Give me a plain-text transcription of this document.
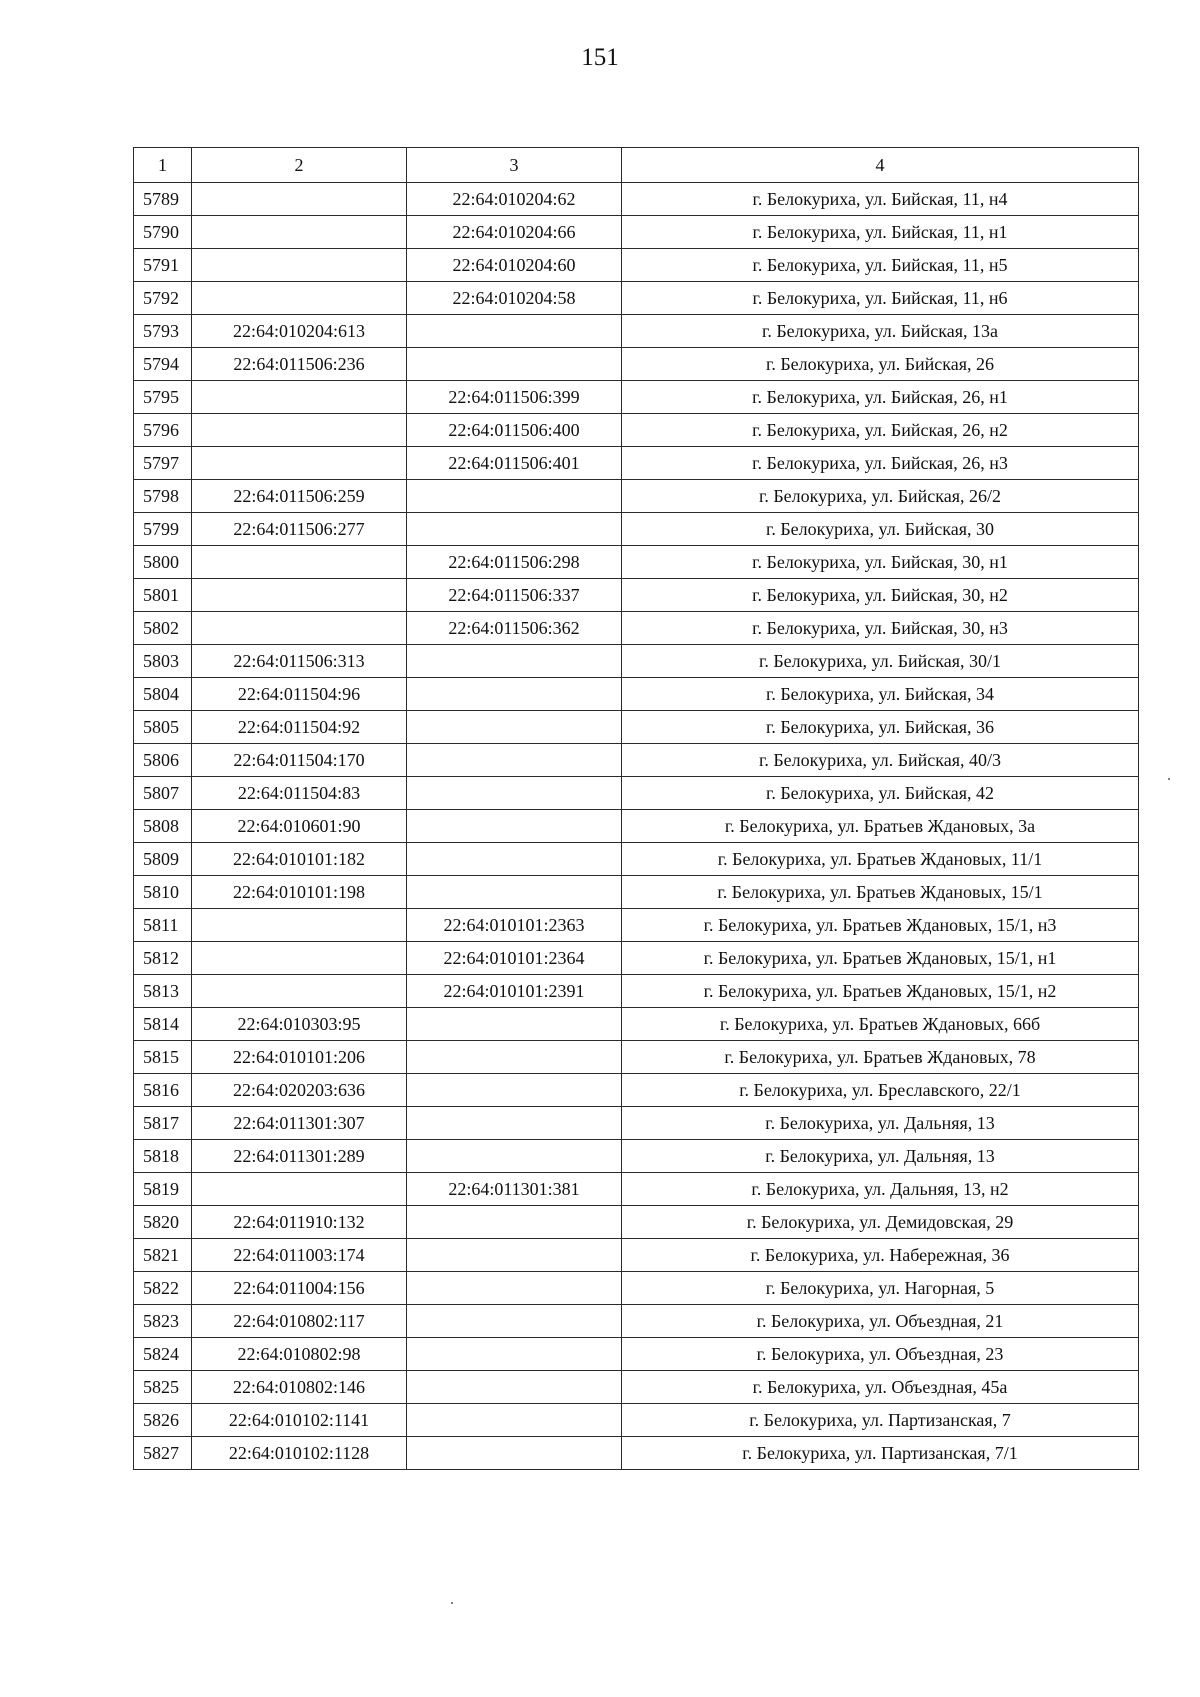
151
1	2	3	4
5789		22:64:010204:62	г. Белокуриха, ул. Бийская, 11, н4
5790		22:64:010204:66	г. Белокуриха, ул. Бийская, 11, н1
5791		22:64:010204:60	г. Белокуриха, ул. Бийская, 11, н5
5792		22:64:010204:58	г. Белокуриха, ул. Бийская, 11, н6
5793	22:64:010204:613		г. Белокуриха, ул. Бийская, 13а
5794	22:64:011506:236		г. Белокуриха, ул. Бийская, 26
5795		22:64:011506:399	г. Белокуриха, ул. Бийская, 26, н1
5796		22:64:011506:400	г. Белокуриха, ул. Бийская, 26, н2
5797		22:64:011506:401	г. Белокуриха, ул. Бийская, 26, н3
5798	22:64:011506:259		г. Белокуриха, ул. Бийская, 26/2
5799	22:64:011506:277		г. Белокуриха, ул. Бийская, 30
5800		22:64:011506:298	г. Белокуриха, ул. Бийская, 30, н1
5801		22:64:011506:337	г. Белокуриха, ул. Бийская, 30, н2
5802		22:64:011506:362	г. Белокуриха, ул. Бийская, 30, н3
5803	22:64:011506:313		г. Белокуриха, ул. Бийская, 30/1
5804	22:64:011504:96		г. Белокуриха, ул. Бийская, 34
5805	22:64:011504:92		г. Белокуриха, ул. Бийская, 36
5806	22:64:011504:170		г. Белокуриха, ул. Бийская, 40/3
5807	22:64:011504:83		г. Белокуриха, ул. Бийская, 42
5808	22:64:010601:90		г. Белокуриха, ул. Братьев Ждановых, 3а
5809	22:64:010101:182		г. Белокуриха, ул. Братьев Ждановых, 11/1
5810	22:64:010101:198		г. Белокуриха, ул. Братьев Ждановых, 15/1
5811		22:64:010101:2363	г. Белокуриха, ул. Братьев Ждановых, 15/1, н3
5812		22:64:010101:2364	г. Белокуриха, ул. Братьев Ждановых, 15/1, н1
5813		22:64:010101:2391	г. Белокуриха, ул. Братьев Ждановых, 15/1, н2
5814	22:64:010303:95		г. Белокуриха, ул. Братьев Ждановых, 66б
5815	22:64:010101:206		г. Белокуриха, ул. Братьев Ждановых, 78
5816	22:64:020203:636		г. Белокуриха, ул. Бреславского, 22/1
5817	22:64:011301:307		г. Белокуриха, ул. Дальняя, 13
5818	22:64:011301:289		г. Белокуриха, ул. Дальняя, 13
5819		22:64:011301:381	г. Белокуриха, ул. Дальняя, 13, н2
5820	22:64:011910:132		г. Белокуриха, ул. Демидовская, 29
5821	22:64:011003:174		г. Белокуриха, ул. Набережная, 36
5822	22:64:011004:156		г. Белокуриха, ул. Нагорная, 5
5823	22:64:010802:117		г. Белокуриха, ул. Объездная, 21
5824	22:64:010802:98		г. Белокуриха, ул. Объездная, 23
5825	22:64:010802:146		г. Белокуриха, ул. Объездная, 45а
5826	22:64:010102:1141		г. Белокуриха, ул. Партизанская, 7
5827	22:64:010102:1128		г. Белокуриха, ул. Партизанская, 7/1
